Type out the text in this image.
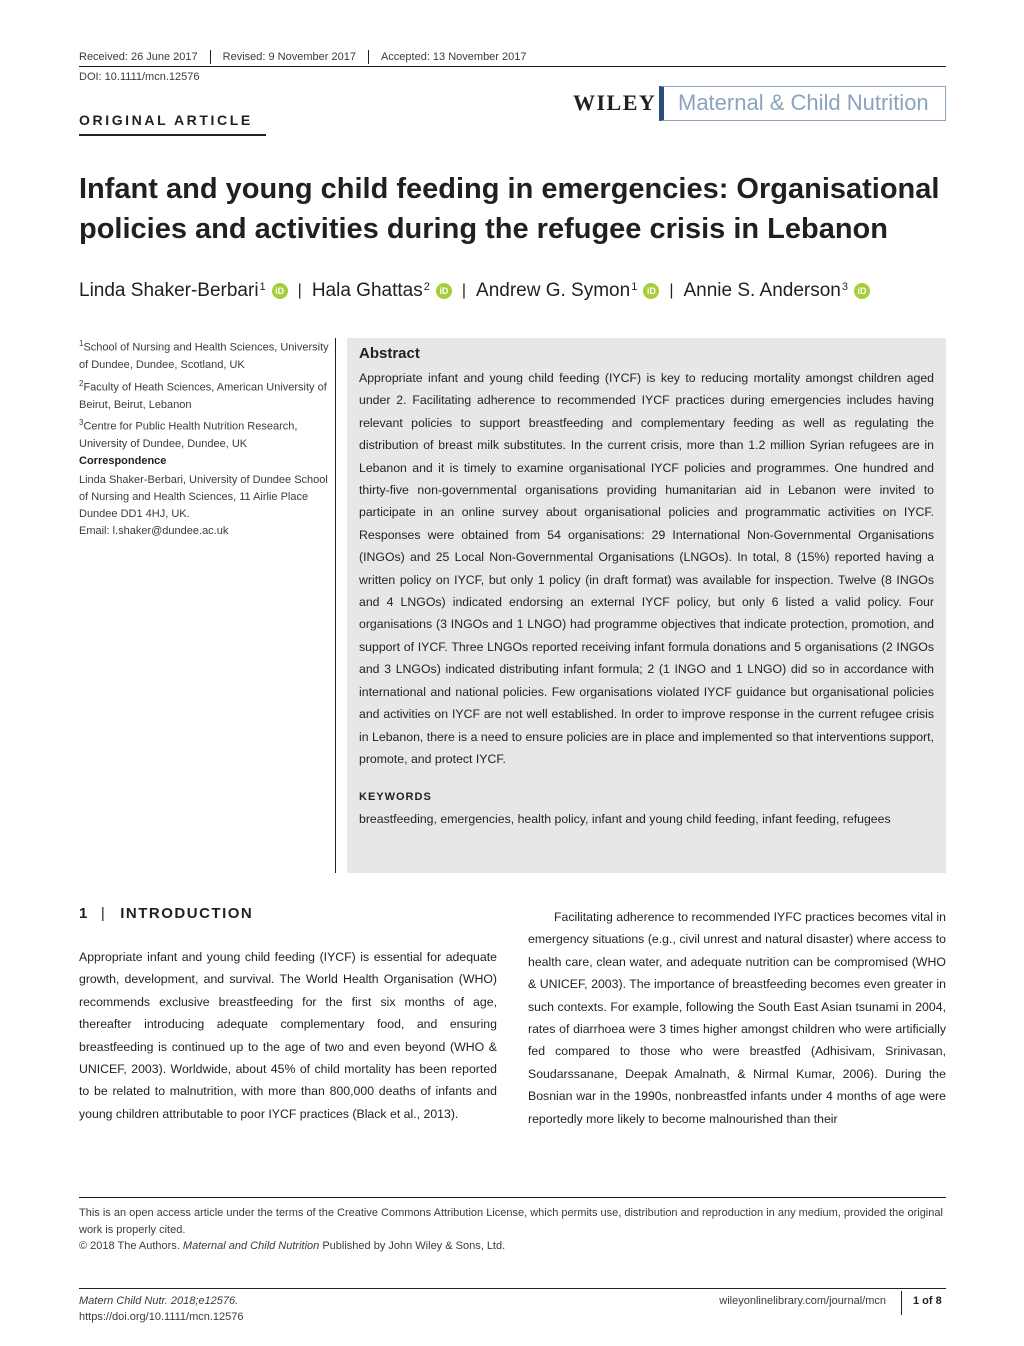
Received: 26 June 2017	Revised: 9 November 2017	Accepted: 13 November 2017
DOI: 10.1111/mcn.12576
ORIGINAL ARTICLE
WILEY Maternal & Child Nutrition
Infant and young child feeding in emergencies: Organisational policies and activities during the refugee crisis in Lebanon
Linda Shaker-Berbari$^1$	iD | Hala Ghattas$^2$	iD | Andrew G. Symon$^1$	iD | Annie S. Anderson$^3$	iD
$^1$School of Nursing and Health Sciences, University of Dundee, Dundee, Scotland, UK
$^2$Faculty of Heath Sciences, American University of Beirut, Beirut, Lebanon
$^3$Centre for Public Health Nutrition Research, University of Dundee, Dundee, UK
Correspondence
Linda Shaker-Berbari, University of Dundee School of Nursing and Health Sciences, 11 Airlie Place Dundee DD1 4HJ, UK.
Email: l.shaker@dundee.ac.uk
Abstract

Appropriate infant and young child feeding (IYCF) is key to reducing mortality amongst children aged under 2. Facilitating adherence to recommended IYCF practices during emergencies includes having relevant policies to support breastfeeding and complementary feeding as well as regulating the distribution of breast milk substitutes. In the current crisis, more than 1.2 million Syrian refugees are in Lebanon and it is timely to examine organisational IYCF policies and programmes. One hundred and thirty-five non-governmental organisations providing humanitarian aid in Lebanon were invited to participate in an online survey about organisational policies and programmatic activities on IYCF. Responses were obtained from 54 organisations: 29 International Non-Governmental Organisations (INGOs) and 25 Local Non-Governmental Organisations (LNGOs). In total, 8 (15%) reported having a written policy on IYCF, but only 1 policy (in draft format) was available for inspection. Twelve (8 INGOs and 4 LNGOs) indicated endorsing an external IYCF policy, but only 6 listed a valid policy. Four organisations (3 INGOs and 1 LNGO) had programme objectives that indicate protection, promotion, and support of IYCF. Three LNGOs reported receiving infant formula donations and 5 organisations (2 INGOs and 3 LNGOs) indicated distributing infant formula; 2 (1 INGO and 1 LNGO) did so in accordance with international and national policies. Few organisations violated IYCF guidance but organisational policies and activities on IYCF are not well established. In order to improve response in the current refugee crisis in Lebanon, there is a need to ensure policies are in place and implemented so that interventions support, promote, and protect IYCF.

KEYWORDS
breastfeeding, emergencies, health policy, infant and young child feeding, infant feeding, refugees
1 | INTRODUCTION

Appropriate infant and young child feeding (IYCF) is essential for adequate growth, development, and survival. The World Health Organisation (WHO) recommends exclusive breastfeeding for the first six months of age, thereafter introducing adequate complementary food, and ensuring breastfeeding is continued up to the age of two and even beyond (WHO & UNICEF, 2003). Worldwide, about 45% of child mortality has been reported to be related to malnutrition, with more than 800,000 deaths of infants and young children attributable to poor IYCF practices (Black et al., 2013).

Facilitating adherence to recommended IYFC practices becomes vital in emergency situations (e.g., civil unrest and natural disaster) where access to health care, clean water, and adequate nutrition can be compromised (WHO & UNICEF, 2003). The importance of breastfeeding becomes even greater in such contexts. For example, following the South East Asian tsunami in 2004, rates of diarrhoea were 3 times higher amongst children who were artificially fed compared to those who were breastfed (Adhisivam, Srinivasan, Soudarssanane, Deepak Amalnath, & Nirmal Kumar, 2006). During the Bosnian war in the 1990s, nonbreastfed infants under 4 months of age were reportedly more likely to become malnourished than their

This is an open access article under the terms of the Creative Commons Attribution License, which permits use, distribution and reproduction in any medium, provided the original work is properly cited.
© 2018 The Authors. Maternal and Child Nutrition Published by John Wiley & Sons, Ltd.
Matern Child Nutr. 2018;e12576.
https://doi.org/10.1111/mcn.12576
wileyonlinelibrary.com/journal/mcn 1 of 8
